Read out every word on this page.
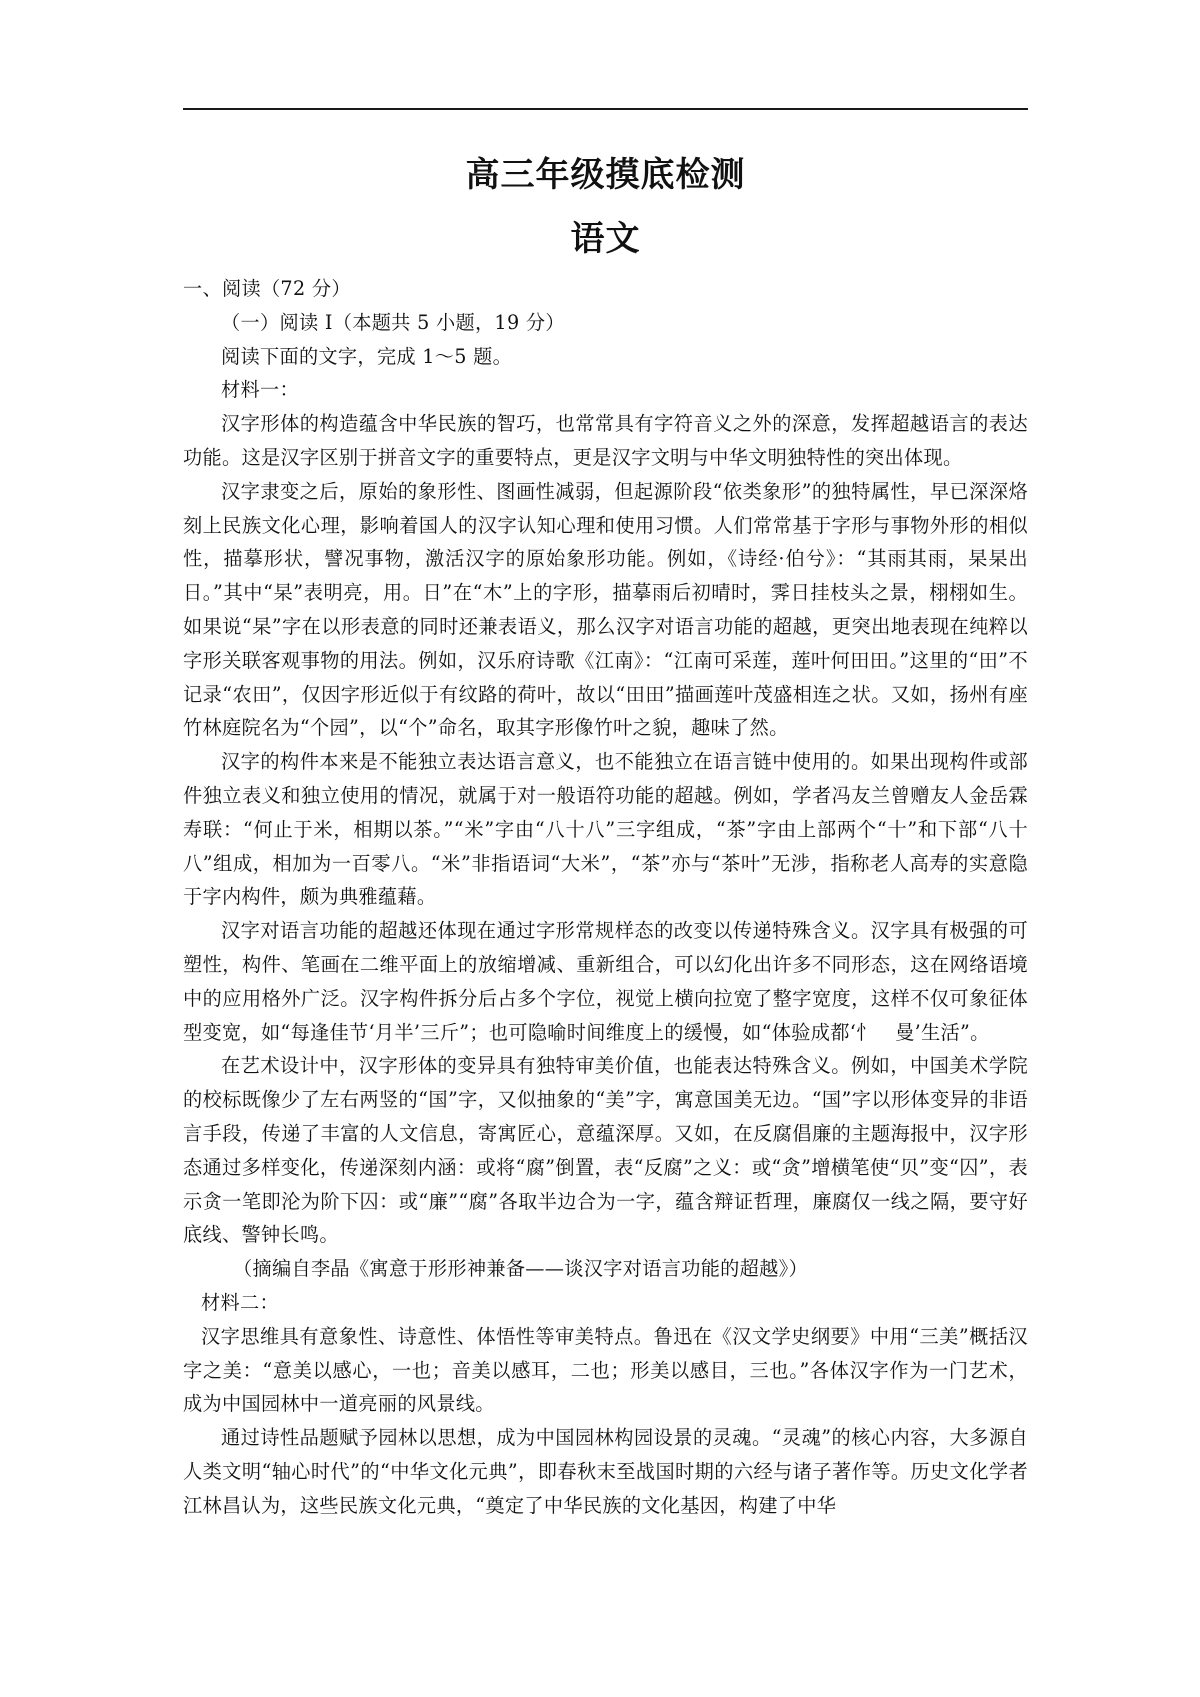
高三年级摸底检测
语文

一、阅读（72 分）

（一）阅读 I（本题共 5 小题，19 分）

阅读下面的文字，完成 1～5 题。

材料一：

汉字形体的构造蕴含中华民族的智巧，也常常具有字符音义之外的深意，发挥超越语言的表达功能。这是汉字区别于拼音文字的重要特点，更是汉字文明与中华文明独特性的突出体现。

汉字隶变之后，原始的象形性、图画性减弱，但起源阶段“依类象形”的独特属性，早已深深烙刻上民族文化心理，影响着国人的汉字认知心理和使用习惯。人们常常基于字形与事物外形的相似性，描摹形状，譬况事物，激活汉字的原始象形功能。例如，《诗经·伯兮》：“其雨其雨，杲杲出日。”其中“杲”表明亮，用。日”在“木”上的字形，描摹雨后初晴时，霁日挂枝头之景，栩栩如生。如果说“杲”字在以形表意的同时还兼表语义，那么汉字对语言功能的超越，更突出地表现在纯粹以字形关联客观事物的用法。例如，汉乐府诗歌《江南》：“江南可采莲，莲叶何田田。”这里的“田”不记录“农田”，仅因字形近似于有纹路的荷叶，故以“田田”描画莲叶茂盛相连之状。又如，扬州有座竹林庭院名为“个园”，以“个”命名，取其字形像竹叶之貌，趣味了然。

汉字的构件本来是不能独立表达语言意义，也不能独立在语言链中使用的。如果出现构件或部件独立表义和独立使用的情况，就属于对一般语符功能的超越。例如，学者冯友兰曾赠友人金岳霖寿联：“何止于米，相期以茶。”“米”字由“八十八”三字组成，“茶”字由上部两个“十”和下部“八十八”组成，相加为一百零八。“米”非指语词“大米”，“茶”亦与“茶叶”无涉，指称老人高寿的实意隐于字内构件，颇为典雅蕴藉。

汉字对语言功能的超越还体现在通过字形常规样态的改变以传递特殊含义。汉字具有极强的可塑性，构件、笔画在二维平面上的放缩增减、重新组合，可以幻化出许多不同形态，这在网络语境中的应用格外广泛。汉字构件拆分后占多个字位，视觉上横向拉宽了整字宽度，这样不仅可象征体型变宽，如“每逢佳节‘月半’三斤”；也可隐喻时间维度上的缓慢，如“体验成都‘忄　曼’生活”。

在艺术设计中，汉字形体的变异具有独特审美价值，也能表达特殊含义。例如，中国美术学院的校标既像少了左右两竖的“国”字，又似抽象的“美”字，寓意国美无边。“国”字以形体变异的非语言手段，传递了丰富的人文信息，寄寓匠心，意蕴深厚。又如，在反腐倡廉的主题海报中，汉字形态通过多样变化，传递深刻内涵：或将“腐”倒置，表“反腐”之义：或“贪”增横笔使“贝”变“囚”，表示贪一笔即沦为阶下囚：或“廉”“腐”各取半边合为一字，蕴含辩证哲理，廉腐仅一线之隔，要守好底线、警钟长鸣。

（摘编自李晶《寓意于形形神兼备——谈汉字对语言功能的超越》）

材料二：

汉字思维具有意象性、诗意性、体悟性等审美特点。鲁迅在《汉文学史纲要》中用“三美”概括汉字之美：“意美以感心，一也；音美以感耳，二也；形美以感目，三也。”各体汉字作为一门艺术，成为中国园林中一道亮丽的风景线。

通过诗性品题赋予园林以思想，成为中国园林构园设景的灵魂。“灵魂”的核心内容，大多源自人类文明“轴心时代”的“中华文化元典”，即春秋末至战国时期的六经与诸子著作等。历史文化学者江林昌认为，这些民族文化元典，“奠定了中华民族的文化基因，构建了中华
